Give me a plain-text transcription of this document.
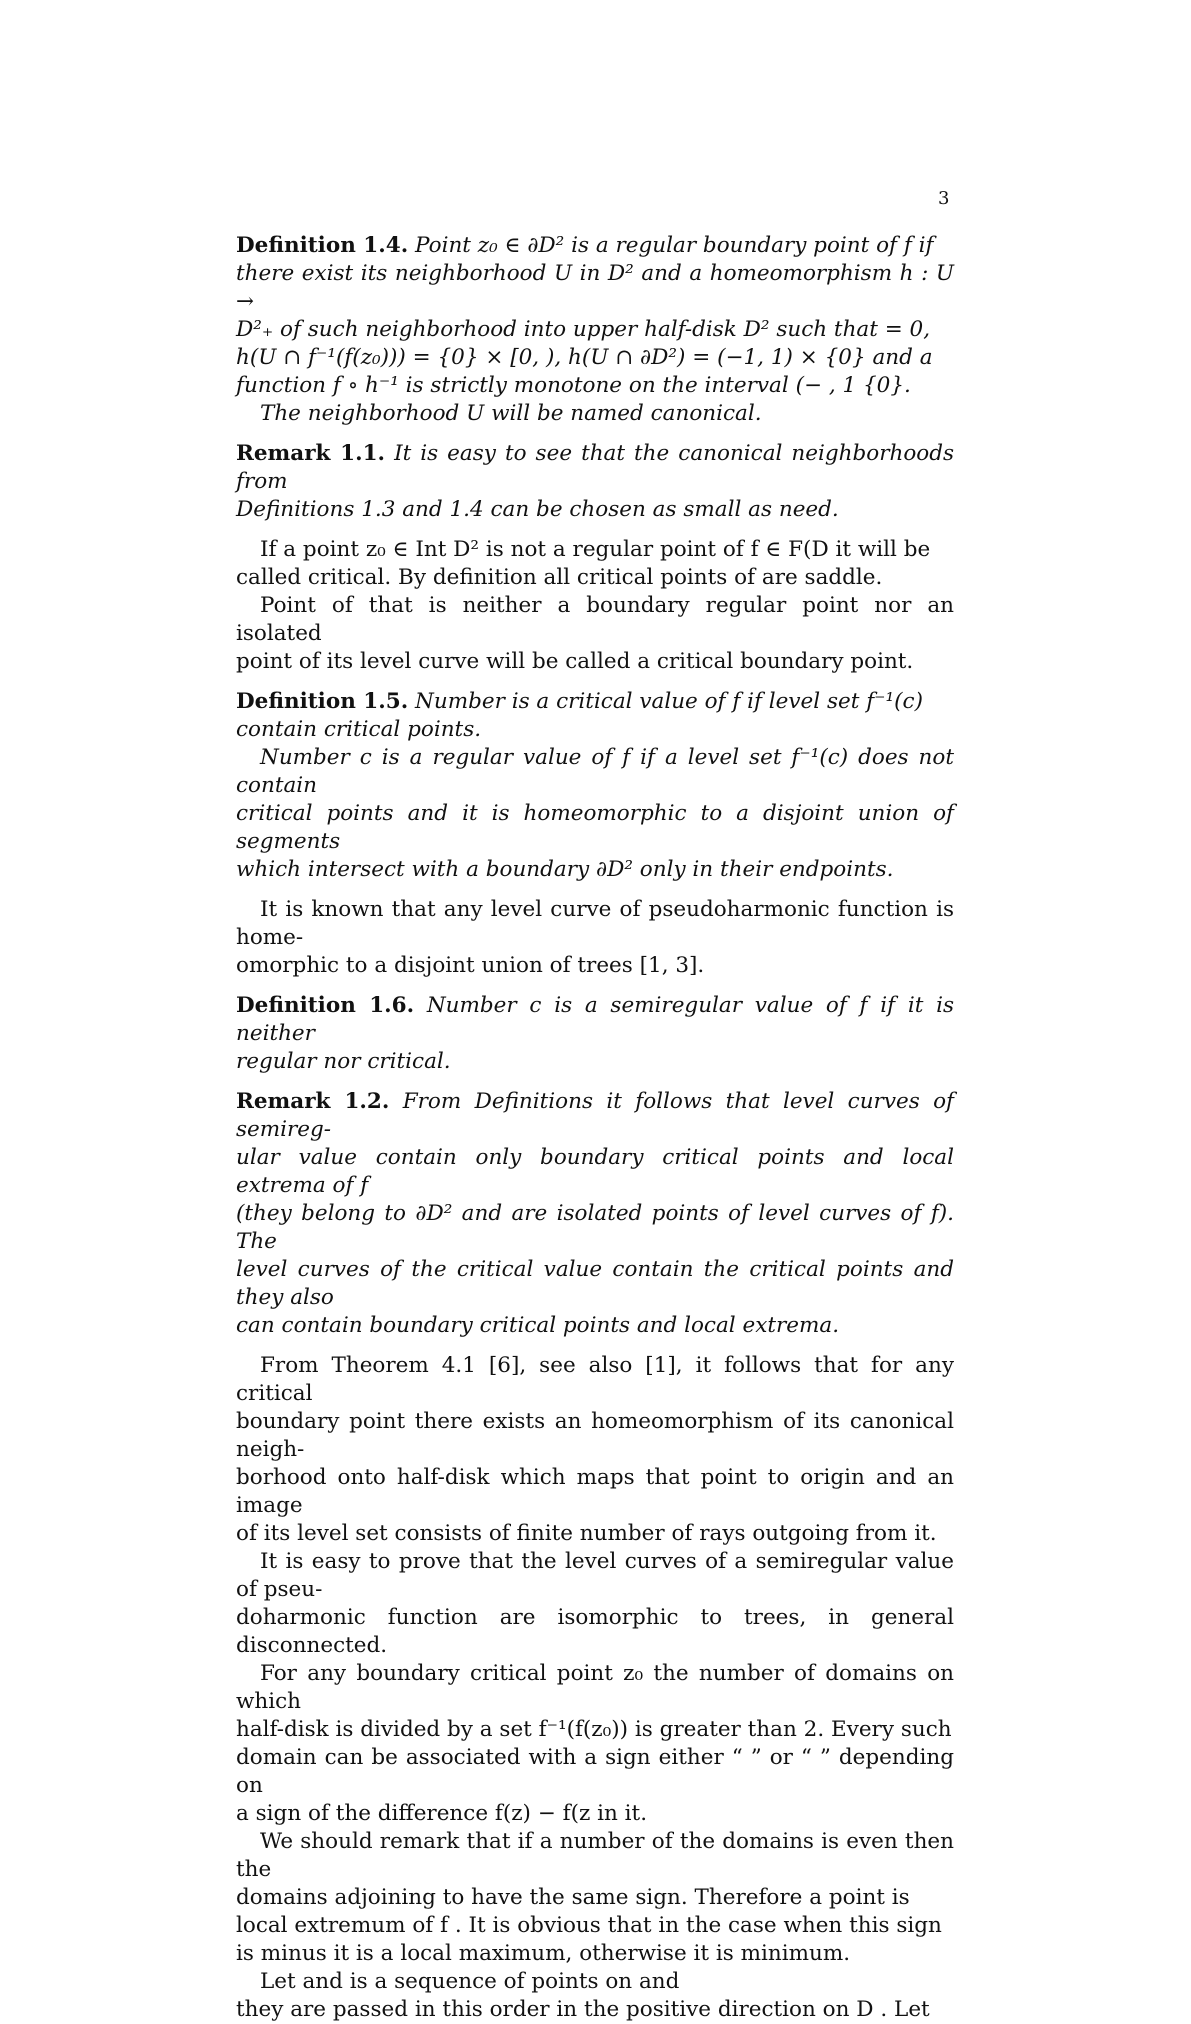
3
Definition 1.4. Point z₀ ∈ ∂D² is a regular boundary point of f if
there exist its neighborhood U in D² and a homeomorphism h : U →
D²₊ of such neighborhood into upper half-disk D² such that = 0,
h(U ∩ f⁻¹(f(z₀))) = {0} × [0, ), h(U ∩ ∂D²) = (−1, 1) × {0} and a
function f ∘ h⁻¹ is strictly monotone on the interval (− , 1 {0}.
The neighborhood U will be named canonical.
Remark 1.1. It is easy to see that the canonical neighborhoods from
Definitions 1.3 and 1.4 can be chosen as small as need.
If a point z₀ ∈ Int D² is not a regular point of f ∈ F(D it will be
called critical. By definition all critical points of are saddle.
Point of that is neither a boundary regular point nor an isolated
point of its level curve will be called a critical boundary point.
Definition 1.5. Number is a critical value of f if level set f⁻¹(c)
contain critical points.
Number c is a regular value of f if a level set f⁻¹(c) does not contain
critical points and it is homeomorphic to a disjoint union of segments
which intersect with a boundary ∂D² only in their endpoints.
It is known that any level curve of pseudoharmonic function is home-
omorphic to a disjoint union of trees [1, 3].
Definition 1.6. Number c is a semiregular value of f if it is neither
regular nor critical.
Remark 1.2. From Definitions it follows that level curves of semireg-
ular value contain only boundary critical points and local extrema of f
(they belong to ∂D² and are isolated points of level curves of f). The
level curves of the critical value contain the critical points and they also
can contain boundary critical points and local extrema.
From Theorem 4.1 [6], see also [1], it follows that for any critical
boundary point there exists an homeomorphism of its canonical neigh-
borhood onto half-disk which maps that point to origin and an image
of its level set consists of finite number of rays outgoing from it.
It is easy to prove that the level curves of a semiregular value of pseu-
doharmonic function are isomorphic to trees, in general disconnected.
For any boundary critical point z₀ the number of domains on which
half-disk is divided by a set f⁻¹(f(z₀)) is greater than 2. Every such
domain can be associated with a sign either “ ” or “ ” depending on
a sign of the difference f(z) − f(z in it.
We should remark that if a number of the domains is even then the
domains adjoining to have the same sign. Therefore a point is
local extremum of f . It is obvious that in the case when this sign
is minus it is a local maximum, otherwise it is minimum.
Let and is a sequence of points on and
they are passed in this order in the positive direction on D . Let
